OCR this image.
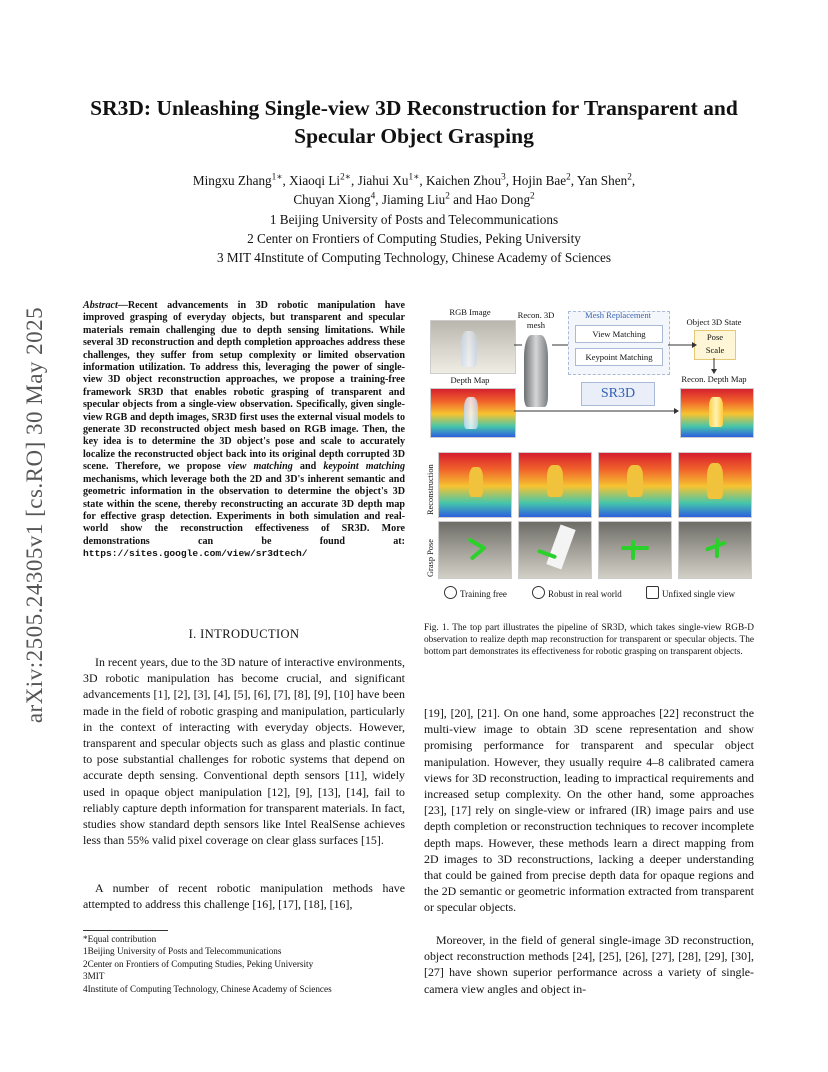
arXiv:2505.24305v1 [cs.RO] 30 May 2025
SR3D: Unleashing Single-view 3D Reconstruction for Transparent and Specular Object Grasping
Mingxu Zhang$^{1∗}$, Xiaoqi $Li^{2∗}$, Jiahui $Xu^{1∗}$, Kaichen Zhou$^3$, Hojin Bae$^2$, Yan Shen$^2$,
Chuyan Xiong$^4$, Jiaming Liu$^2$ and Hao Dong$^2$
1 Beijing University of Posts and Telecommunications
2 Center on Frontiers of Computing Studies, Peking University
3 MIT 4Institute of Computing Technology, Chinese Academy of Sciences
Abstract—Recent advancements in 3D robotic manipulation have improved grasping of everyday objects, but transparent and specular materials remain challenging due to depth sensing limitations. While several 3D reconstruction and depth completion approaches address these challenges, they suffer from setup complexity or limited observation information utilization. To address this, leveraging the power of single-view 3D object reconstruction approaches, we propose a training-free framework SR3D that enables robotic grasping of transparent and specular objects from a single-view observation. Specifically, given single-view RGB and depth images, SR3D first uses the external visual models to generate 3D reconstructed object mesh based on RGB image. Then, the key idea is to determine the 3D object's pose and scale to accurately localize the reconstructed object back into its original depth corrupted 3D scene. Therefore, we propose view matching and keypoint matching mechanisms, which leverage both the 2D and 3D's inherent semantic and geometric information in the observation to determine the object's 3D state within the scene, thereby reconstructing an accurate 3D depth map for effective grasp detection. Experiments in both simulation and real-world show the reconstruction effectiveness of SR3D. More demonstrations can be found at: https://sites.google.com/view/sr3dtech/
I. INTRODUCTION
In recent years, due to the 3D nature of interactive environments, 3D robotic manipulation has become crucial, and significant advancements [1], [2], [3], [4], [5], [6], [7], [8], [9], [10] have been made in the field of robotic grasping and manipulation, particularly in the context of interacting with everyday objects. However, transparent and specular objects such as glass and plastic continue to pose substantial challenges for robotic systems that depend on accurate depth sensing. Conventional depth sensors [11], widely used in opaque object manipulation [12], [9], [13], [14], fail to reliably capture depth information for transparent materials. In fact, studies show standard depth sensors like Intel RealSense achieves less than 55% valid pixel coverage on clear glass surfaces [15].
A number of recent robotic manipulation methods have attempted to address this challenge [16], [17], [18], [16],
*Equal contribution
1Beijing University of Posts and Telecommunications
2Center on Frontiers of Computing Studies, Peking University
3MIT
4Institute of Computing Technology, Chinese Academy of Sciences
RGB Image
Depth Map
Recon. 3D mesh
Mesh Replacement
View Matching
Keypoint Matching
SR3D
Object 3D State
Pose
Scale
Recon. Depth Map
Reconstruction
Grasp Pose
Training free	Robust in real world	Unfixed single view
Fig. 1. The top part illustrates the pipeline of SR3D, which takes single-view RGB-D observation to realize depth map reconstruction for transparent or specular objects. The bottom part demonstrates its effectiveness for robotic grasping on transparent objects.
[19], [20], [21]. On one hand, some approaches [22] reconstruct the multi-view image to obtain 3D scene representation and show promising performance for transparent and specular object manipulation. However, they usually require 4–8 calibrated camera views for 3D reconstruction, leading to impractical requirements and increased setup complexity. On the other hand, some approaches [23], [17] rely on single-view or infrared (IR) image pairs and use depth completion or reconstruction techniques to recover incomplete depth maps. However, these methods learn a direct mapping from 2D images to 3D reconstructions, lacking a deeper understanding that could be gained from precise depth data for opaque regions and the 2D semantic or geometric information extracted from transparent or specular objects.
Moreover, in the field of general single-image 3D reconstruction, object reconstruction methods [24], [25], [26], [27], [28], [29], [30], [27] have shown superior performance across a variety of single-camera view angles and object in-
